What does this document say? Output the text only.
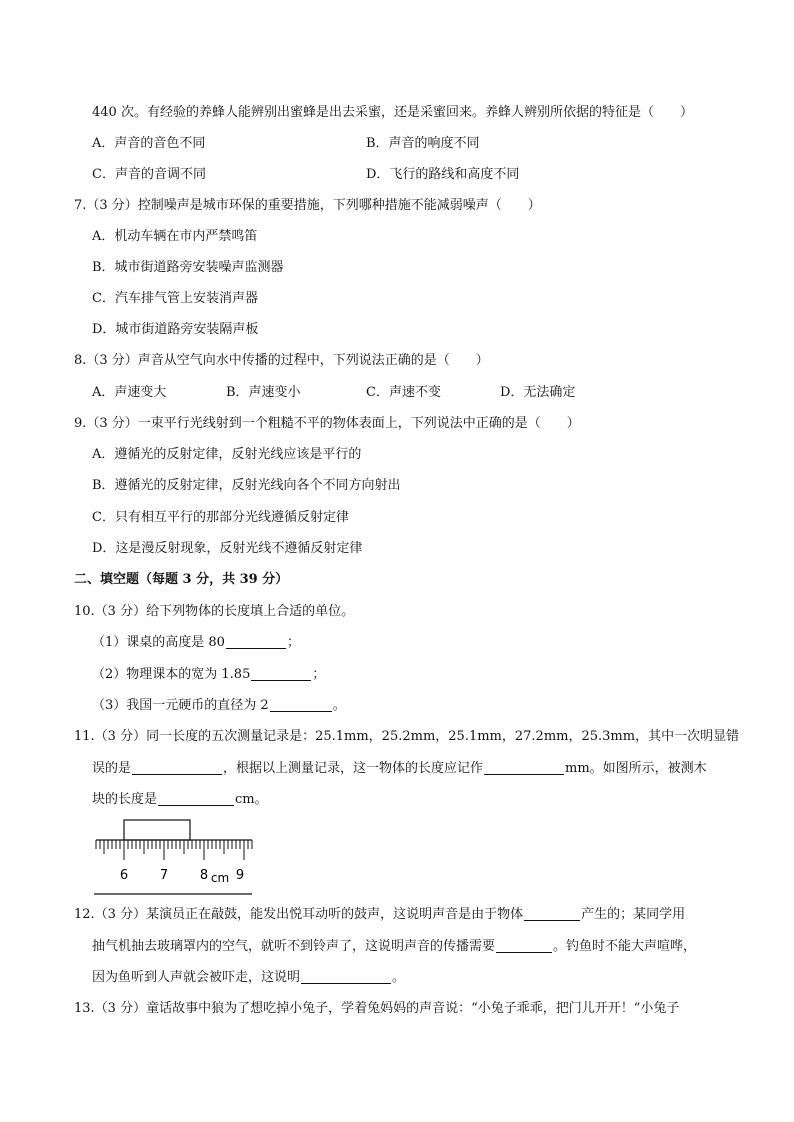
440 次。有经验的养蜂人能辨别出蜜蜂是出去采蜜，还是采蜜回来。养蜂人辨别所依据的特征是（　　）
A．声音的音色不同	B．声音的响度不同
C．声音的音调不同	D．飞行的路线和高度不同
7.（3 分）控制噪声是城市环保的重要措施，下列哪种措施不能减弱噪声（　　）
A．机动车辆在市内严禁鸣笛
B．城市街道路旁安装噪声监测器
C．汽车排气管上安装消声器
D．城市街道路旁安装隔声板
8.（3 分）声音从空气向水中传播的过程中，下列说法正确的是（　　）
A．声速变大	B．声速变小	C．声速不变	D．无法确定
9.（3 分）一束平行光线射到一个粗糙不平的物体表面上，下列说法中正确的是（　　）
A．遵循光的反射定律，反射光线应该是平行的
B．遵循光的反射定律，反射光线向各个不同方向射出
C．只有相互平行的那部分光线遵循反射定律
D．这是漫反射现象，反射光线不遵循反射定律
二、填空题（每题 3 分，共 39 分）
10.（3 分）给下列物体的长度填上合适的单位。
（1）课桌的高度是 80	；
（2）物理课本的宽为 1.85	；
（3）我国一元硬币的直径为 2	。
11.（3 分）同一长度的五次测量记录是：25.1mm，25.2mm，25.1mm，27.2mm，25.3mm，其中一次明显错
误的是	，根据以上测量记录，这一物体的长度应记作	mm。如图所示，被测木
块的长度是	cm。
6 7 8 cm 9
12.（3 分）某演员正在敲鼓，能发出悦耳动听的鼓声，这说明声音是由于物体	产生的；某同学用
抽气机抽去玻璃罩内的空气，就听不到铃声了，这说明声音的传播需要	。钓鱼时不能大声喧哗，
因为鱼听到人声就会被吓走，这说明	。
13.（3 分）童话故事中狼为了想吃掉小兔子，学着兔妈妈的声音说：“小兔子乖乖，把门儿开开！”小兔子
